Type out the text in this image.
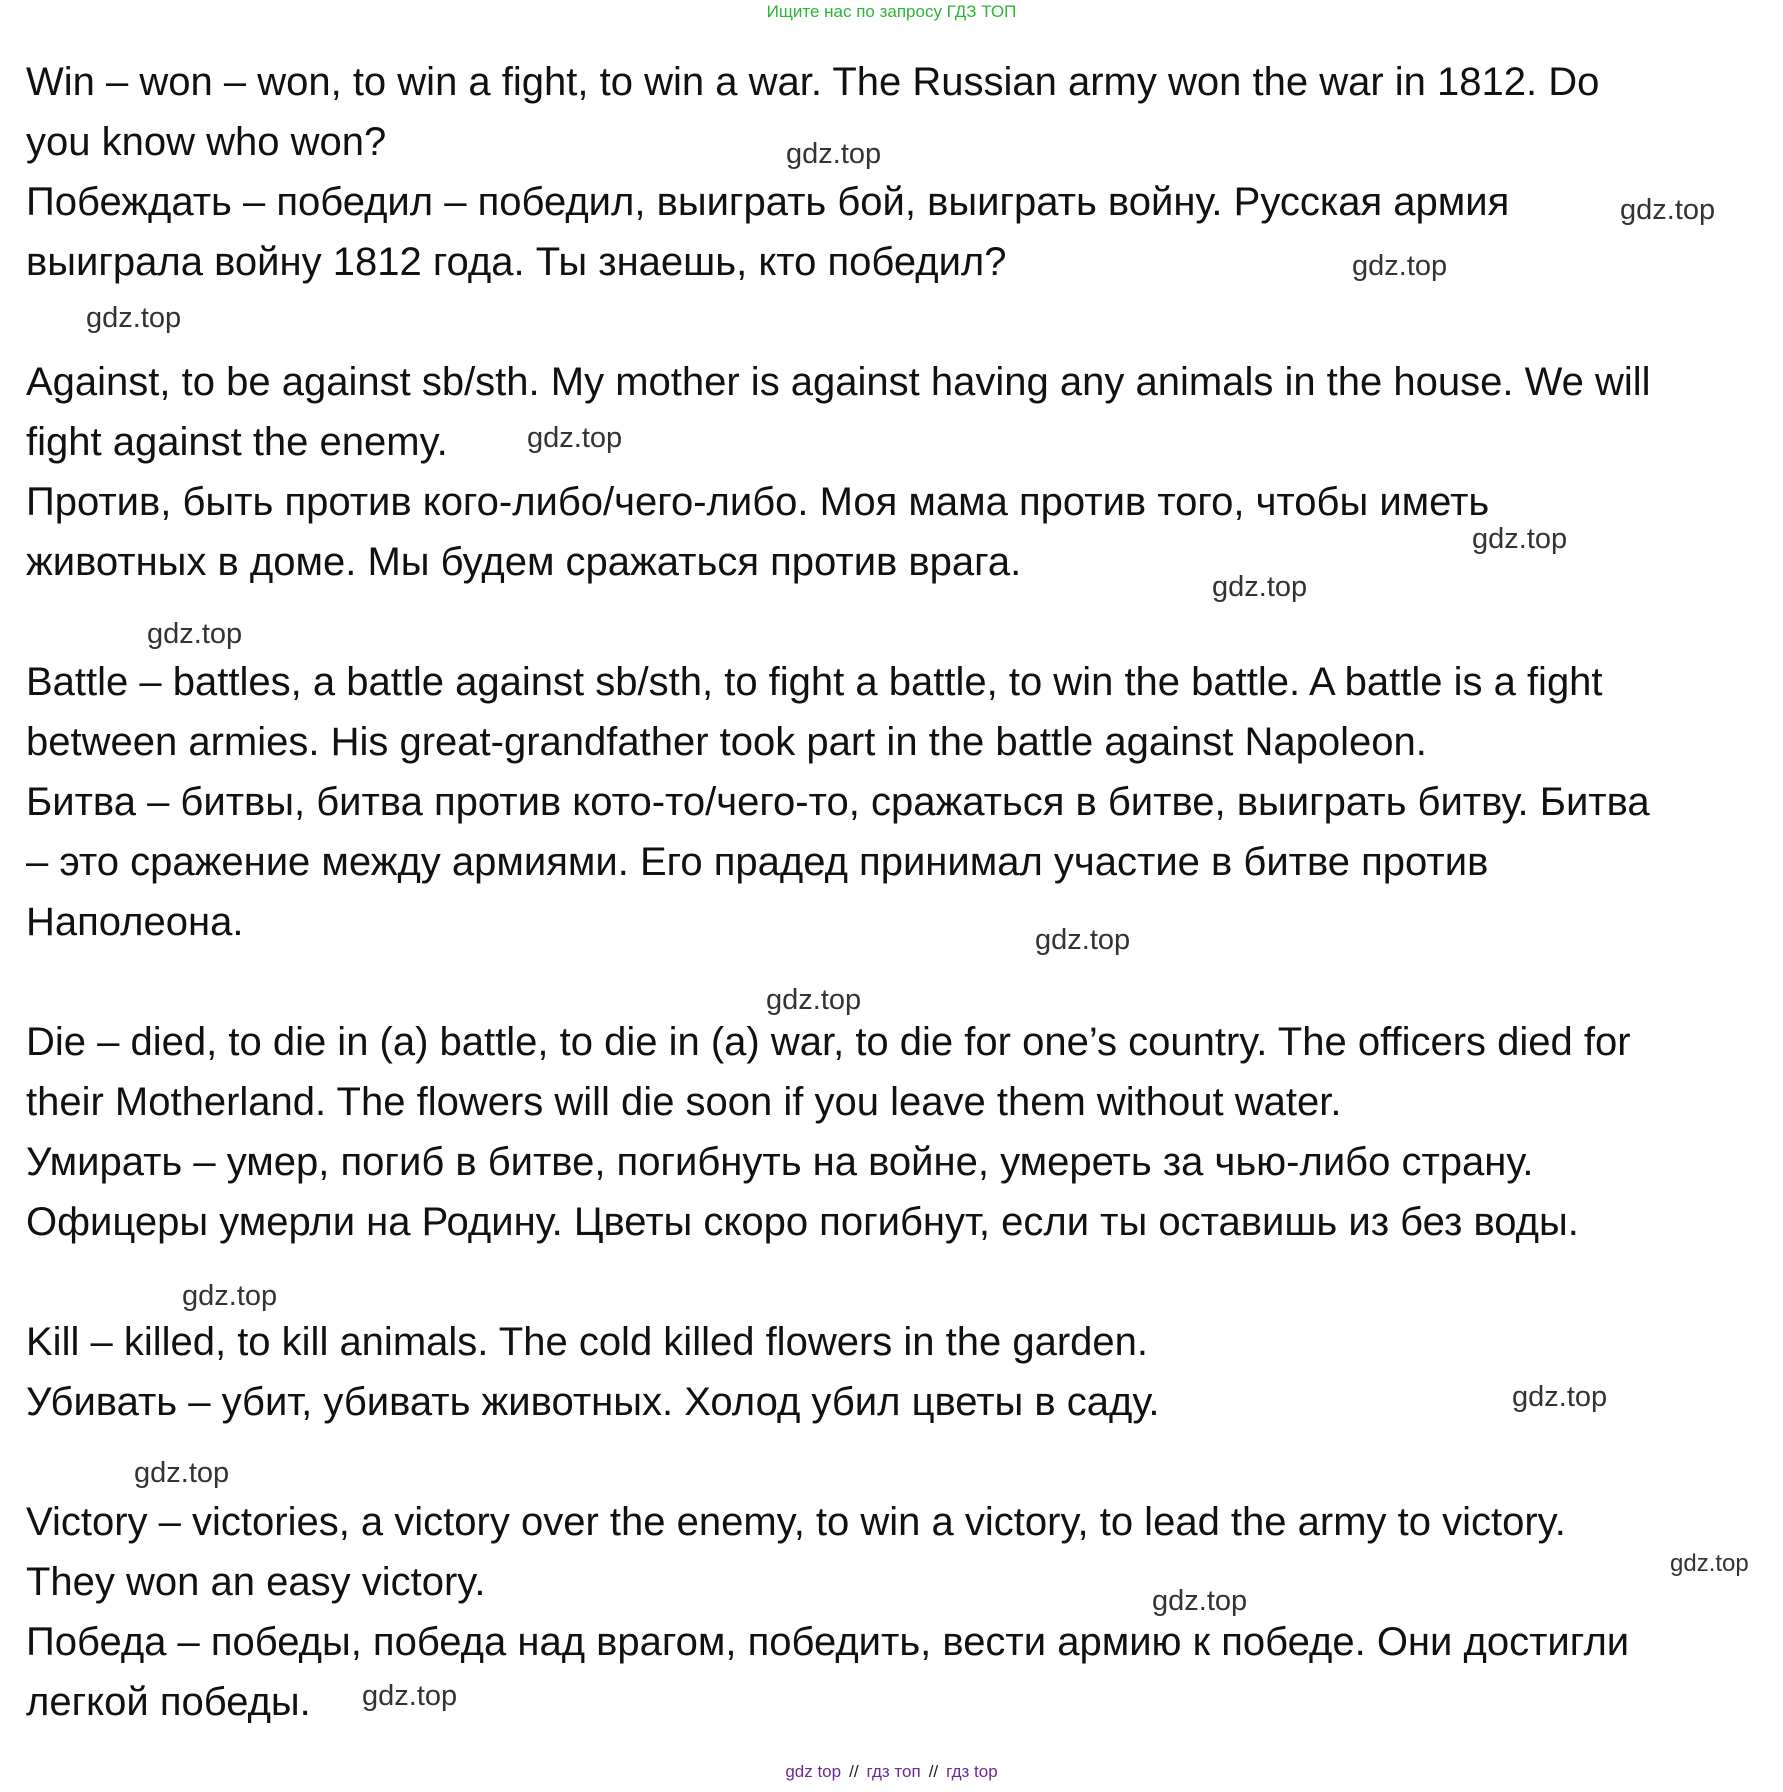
Ищите нас по запросу ГДЗ ТОП
Win – won – won, to win a fight, to win a war. The Russian army won the war in 1812. Do
you know who won?
Побеждать – победил – победил, выиграть бой, выиграть войну. Русская армия
выиграла войну 1812 года. Ты знаешь, кто победил?
Against, to be against sb/sth. My mother is against having any animals in the house. We will
fight against the enemy.
Против, быть против кого-либо/чего-либо. Моя мама против того, чтобы иметь
животных в доме. Мы будем сражаться против врага.
Battle – battles, a battle against sb/sth, to fight a battle, to win the battle. A battle is a fight
between armies. His great-grandfather took part in the battle against Napoleon.
Битва – битвы, битва против кото-то/чего-то, сражаться в битве, выиграть битву. Битва
– это сражение между армиями. Его прадед принимал участие в битве против
Наполеона.
Die – died, to die in (a) battle, to die in (a) war, to die for one’s country. The officers died for
their Motherland. The flowers will die soon if you leave them without water.
Умирать – умер, погиб в битве, погибнуть на войне, умереть за чью-либо страну.
Офицеры умерли на Родину. Цветы скоро погибнут, если ты оставишь из без воды.
Kill – killed, to kill animals. The cold killed flowers in the garden.
Убивать – убит, убивать животных. Холод убил цветы в саду.
Victory – victories, a victory over the enemy, to win a victory, to lead the army to victory.
They won an easy victory.
Победа – победы, победа над врагом, победить, вести армию к победе. Они достигли
легкой победы.
gdz.top
gdz.top
gdz.top
gdz.top
gdz.top
gdz.top
gdz.top
gdz.top
gdz.top
gdz.top
gdz.top
gdz.top
gdz.top
gdz.top
gdz.top
gdz.top
gdz top // гдз топ // гдз top
